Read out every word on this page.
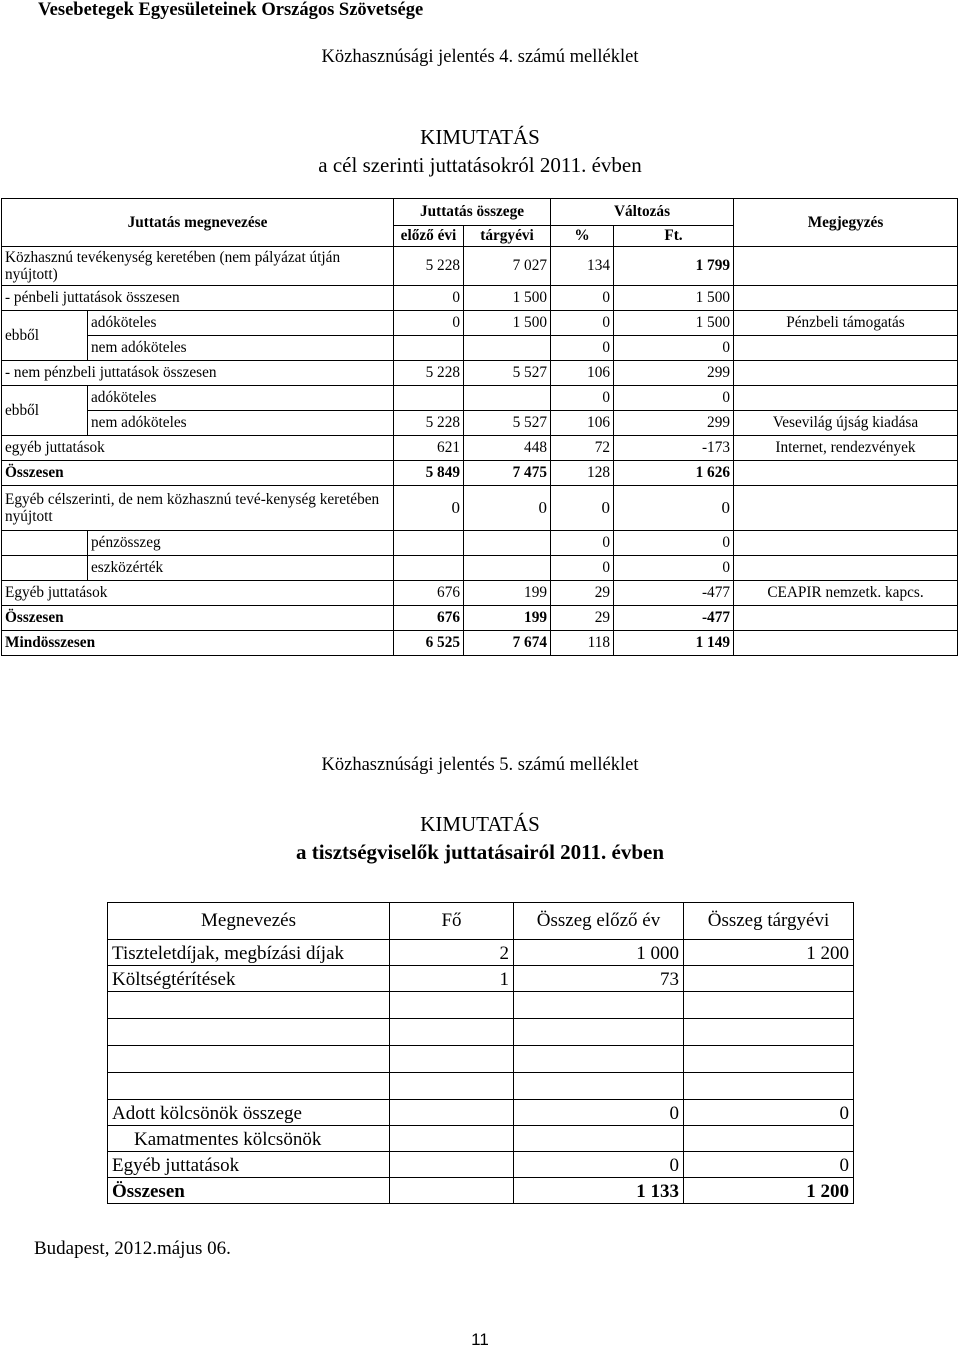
Vesebetegek Egyesületeinek Országos Szövetsége
Közhasznúsági jelentés 4. számú melléklet
KIMUTATÁS
a cél szerinti juttatásokról 2011. évben
Juttatás megnevezése		Juttatás összege		Változás		Megjegyzés
		előző évi	tárgyévi	%	Ft.	
Közhasznú tevékenység keretében (nem pályázat útján nyújtott)		5 228	7 027	134	1 799	
- pénbeli juttatások összesen		0	1 500	0	1 500	
ebből	adóköteles	0	1 500	0	1 500	Pénzbeli támogatás
	nem adóköteles			0	0	
- nem pénzbeli juttatások összesen		5 228	5 527	106	299	
ebből	adóköteles			0	0	
	nem adóköteles	5 228	5 527	106	299	Vesevilág újság kiadása
egyéb juttatások		621	448	72	-173	Internet, rendezvények
Összesen		5 849	7 475	128	1 626	
Egyéb célszerinti, de nem közhasznú tevé-kenység keretében nyújtott		0	0	0	0	
	pénzösszeg			0	0	
	eszközérték			0	0	
Egyéb juttatások		676	199	29	-477	CEAPIR nemzetk. kapcs.
Összesen		676	199	29	-477	
Mindösszesen		6 525	7 674	118	1 149	
Közhasznúsági jelentés 5. számú melléklet
KIMUTATÁS
a tisztségviselők juttatásairól 2011. évben
Megnevezés	Fő	Összeg előző év	Összeg tárgyévi
Tiszteletdíjak, megbízási díjak	2	1 000	1 200
Költségtérítések	1	73	

Adott kölcsönök összege		0	0
Kamatmentes kölcsönök			
Egyéb juttatások		0	0
Összesen		1 133	1 200
Budapest, 2012.május 06.
11
